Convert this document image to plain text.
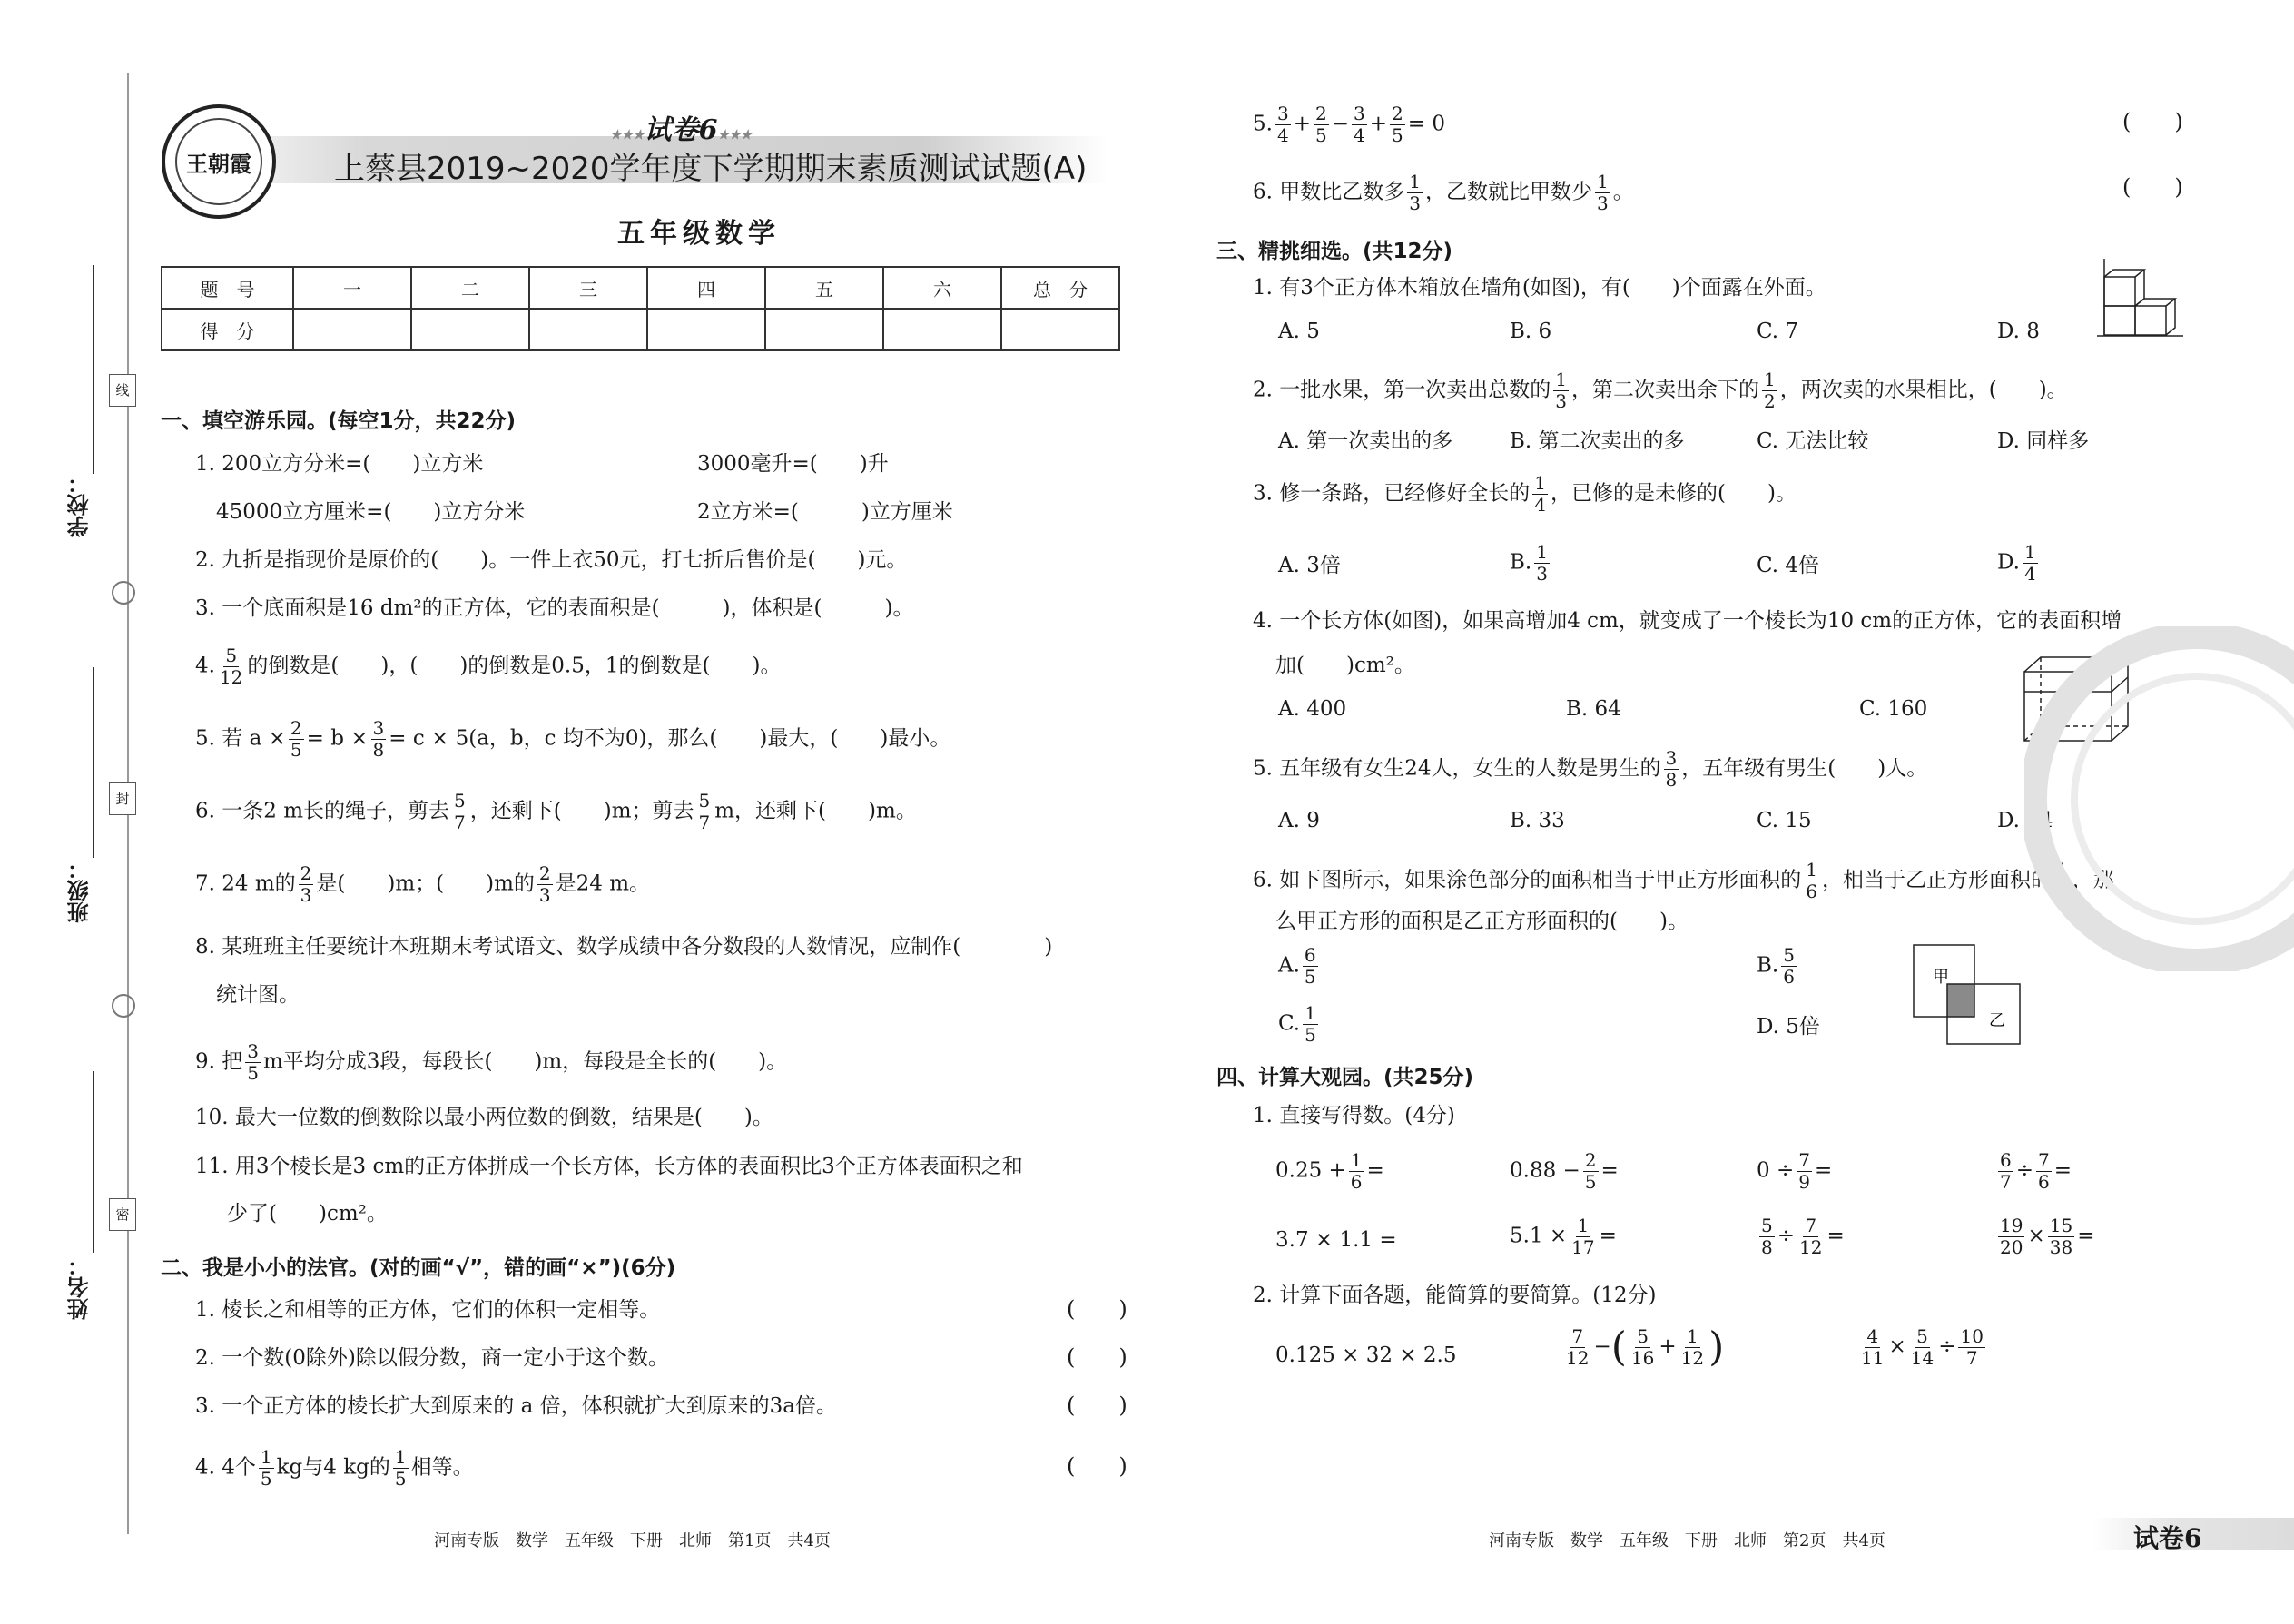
线
封
密
学校：
班级：
姓名：
王朝霞
★★★试卷6★★★
上蔡县2019~2020学年度下学期期末素质测试试题(A)
五年级数学
题　号	一	二	三	四	五	六	总　分
得　分							
一、填空游乐园。(每空1分，共22分)
1. 200立方分米=(　　)立方米	3000毫升=(　　)升
45000立方厘米=(　　)立方分米	2立方米=(　　　)立方厘米
2. 九折是指现价是原价的(　　)。一件上衣50元，打七折后售价是(　　)元。
3. 一个底面积是16 dm²的正方体，它的表面积是(　　　)，体积是(　　　)。
4. $\frac{5}{12}$ 的倒数是(　　)，(　　)的倒数是0.5，1的倒数是(　　)。
5. 若 $a \times \frac{2}{5} = b \times \frac{3}{8} = c \times 5(a$，b，c 均不为0)，那么(　　)最大，(　　)最小。
6. 一条2 m长的绳子，剪去 $\frac{5}{7}$ ，还剩下(　　)m；剪去 $\frac{5}{7}$ m，还剩下(　　)m。
7. 24 m的 $\frac{2}{3}$ 是(　　)m；(　　)m的 $\frac{2}{3}$ 是24 m。
8. 某班班主任要统计本班期末考试语文、数学成绩中各分数段的人数情况，应制作(　　　　)
统计图。
9. 把 $\frac{3}{5}$ m平均分成3段，每段长(　　)m，每段是全长的(　　)。
10. 最大一位数的倒数除以最小两位数的倒数，结果是(　　)。
11. 用3个棱长是3 cm的正方体拼成一个长方体，长方体的表面积比3个正方体表面积之和
少了(　　)cm²。
二、我是小小的法官。(对的画“√”，错的画“×”)(6分)
1. 棱长之和相等的正方体，它们的体积一定相等。	(　　)
2. 一个数(0除外)除以假分数，商一定小于这个数。	(　　)
3. 一个正方体的棱长扩大到原来的 a 倍，体积就扩大到原来的3a倍。	(　　)
4. 4个 $\frac{1}{5}$ kg与4 kg的 $\frac{1}{5}$ 相等。	(　　)
河南专版　数学　五年级　下册　北师　第1页　共4页
5. $\frac{3}{4} + \frac{2}{5} - \frac{3}{4} + \frac{2}{5} = 0$	(　　)
6. 甲数比乙数多 $\frac{1}{3}$ ，乙数就比甲数少 $\frac{1}{3}$ 。	(　　)
三、精挑细选。(共12分)
1. 有3个正方体木箱放在墙角(如图)，有(　　)个面露在外面。
A. 5	B. 6	C. 7	D. 8
2. 一批水果，第一次卖出总数的 $\frac{1}{3}$ ，第二次卖出余下的 $\frac{1}{2}$ ，两次卖的水果相比，(　　)。
A. 第一次卖出的多	B. 第二次卖出的多	C. 无法比较	D. 同样多
3. 修一条路，已经修好全长的 $\frac{1}{4}$ ，已修的是未修的(　　)。
A. 3倍	B. $\frac{1}{3}$	C. 4倍	D. $\frac{1}{4}$
4. 一个长方体(如图)，如果高增加4 cm，就变成了一个棱长为10 cm的正方体，它的表面积增
加(　　)cm²。
A. 400	B. 64	C. 160
5. 五年级有女生24人，女生的人数是男生的 $\frac{3}{8}$ ，五年级有男生(　　)人。
A. 9	B. 33	C. 15	D. 64
6. 如下图所示，如果涂色部分的面积相当于甲正方形面积的 $\frac{1}{6}$ ，相当于乙正方形面积的 $\frac{1}{5}$ ，那
么甲正方形的面积是乙正方形面积的(　　)。
A. $\frac{6}{5}$	B. $\frac{5}{6}$
C. $\frac{1}{5}$	D. 5倍
甲
乙
四、计算大观园。(共25分)
1. 直接写得数。(4分)
$0.25 + \frac{1}{6}$ =	$0.88 - \frac{2}{5}$ =	$0 \div \frac{7}{9}$ =	$\frac{6}{7} \div \frac{7}{6}$ =
3.7 × 1.1 =	$5.1 \times \frac{1}{17}$ =	$\frac{5}{8} \div \frac{7}{12}$ =	$\frac{19}{20} \times \frac{15}{38}$ =
2. 计算下面各题，能简算的要简算。(12分)
0.125 × 32 × 2.5	$\frac{7}{12}$ −( $\frac{5}{16} + \frac{1}{12}$ )	$\frac{4}{11} \times \frac{5}{14} \div \frac{10}{7}$
河南专版　数学　五年级　下册　北师　第2页　共4页	试卷6
